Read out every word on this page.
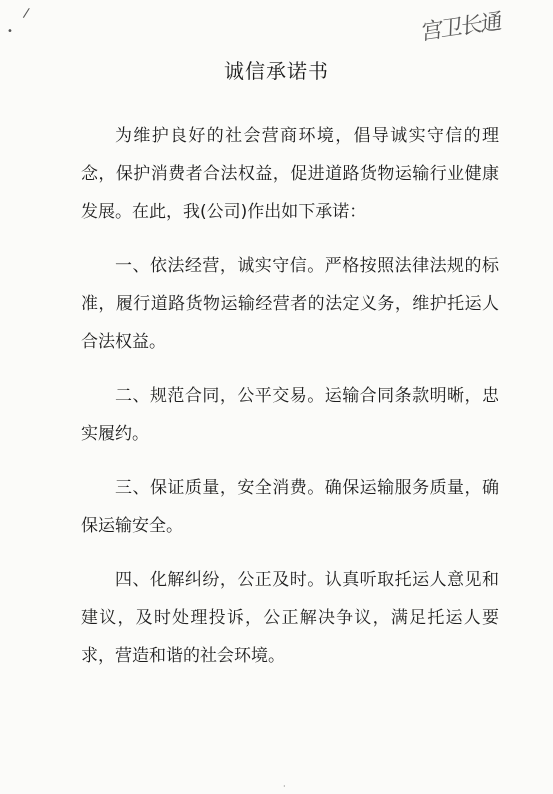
/
•
·
宫卫长通
诚信承诺书

为维护良好的社会营商环境，倡导诚实守信的理念，保护消费者合法权益，促进道路货物运输行业健康发展。在此，我(公司)作出如下承诺：

一、依法经营，诚实守信。严格按照法律法规的标准，履行道路货物运输经营者的法定义务，维护托运人合法权益。

二、规范合同，公平交易。运输合同条款明晰，忠实履约。

三、保证质量，安全消费。确保运输服务质量，确保运输安全。

四、化解纠纷，公正及时。认真听取托运人意见和建议，及时处理投诉，公正解决争议，满足托运人要求，营造和谐的社会环境。
